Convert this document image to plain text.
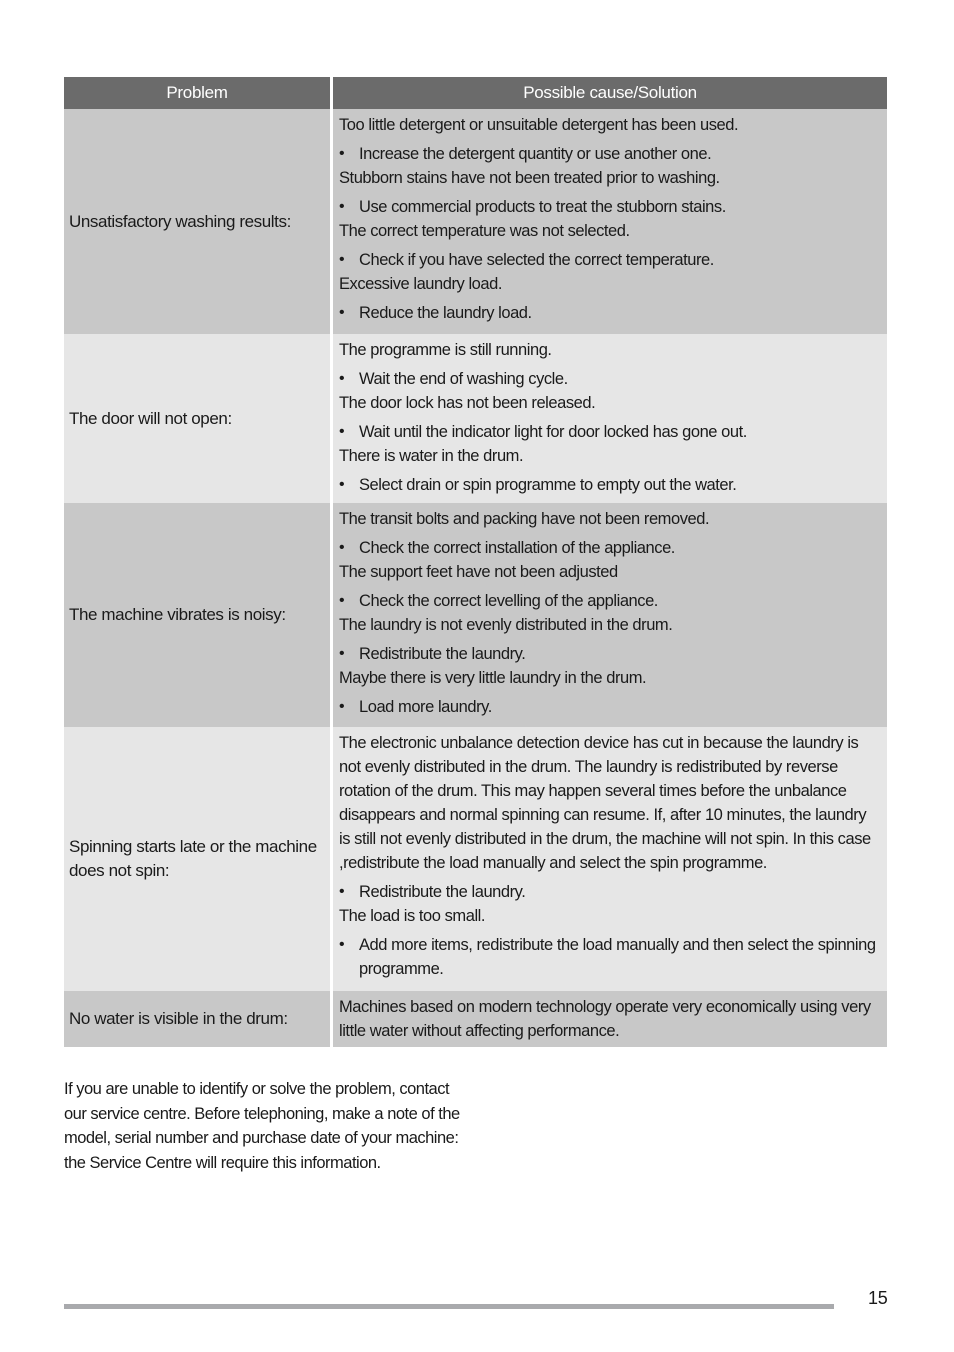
Problem	Possible cause/Solution
Unsatisfactory washing results:
Too little detergent or unsuitable detergent has been used.
• Increase the detergent quantity or use another one.
Stubborn stains have not been treated prior to washing.
• Use commercial products to treat the stubborn stains.
The correct temperature was not selected.
• Check if you have selected the correct temperature.
Excessive laundry load.
• Reduce the laundry load.
The door will not open:
The programme is still running.
• Wait the end of washing cycle.
The door lock has not been released.
• Wait until the indicator light for door locked has gone out.
There is water in the drum.
• Select drain or spin programme to empty out the water.
The machine vibrates is noisy:
The transit bolts and packing have not been removed.
• Check the correct installation of the appliance.
The support feet have not been adjusted
• Check the correct levelling of the appliance.
The laundry is not evenly distributed in the drum.
• Redistribute the laundry.
Maybe there is very little laundry in the drum.
• Load more laundry.
Spinning starts late or the machine does not spin:
The electronic unbalance detection device has cut in because the laundry is not evenly distributed in the drum. The laundry is redistributed by reverse rotation of the drum. This may happen several times before the unbalance disappears and normal spinning can resume. If, after 10 minutes, the laundry is still not evenly distributed in the drum, the machine will not spin. In this case ,redistribute the load manually and select the spin programme.
• Redistribute the laundry.
The load is too small.
• Add more items, redistribute the load manually and then select the spinning programme.
No water is visible in the drum:
Machines based on modern technology operate very economically using very little water without affecting performance.
If you are unable to identify or solve the problem, contact our service centre. Before telephoning, make a note of the model, serial number and purchase date of your machine: the Service Centre will require this information.
15
